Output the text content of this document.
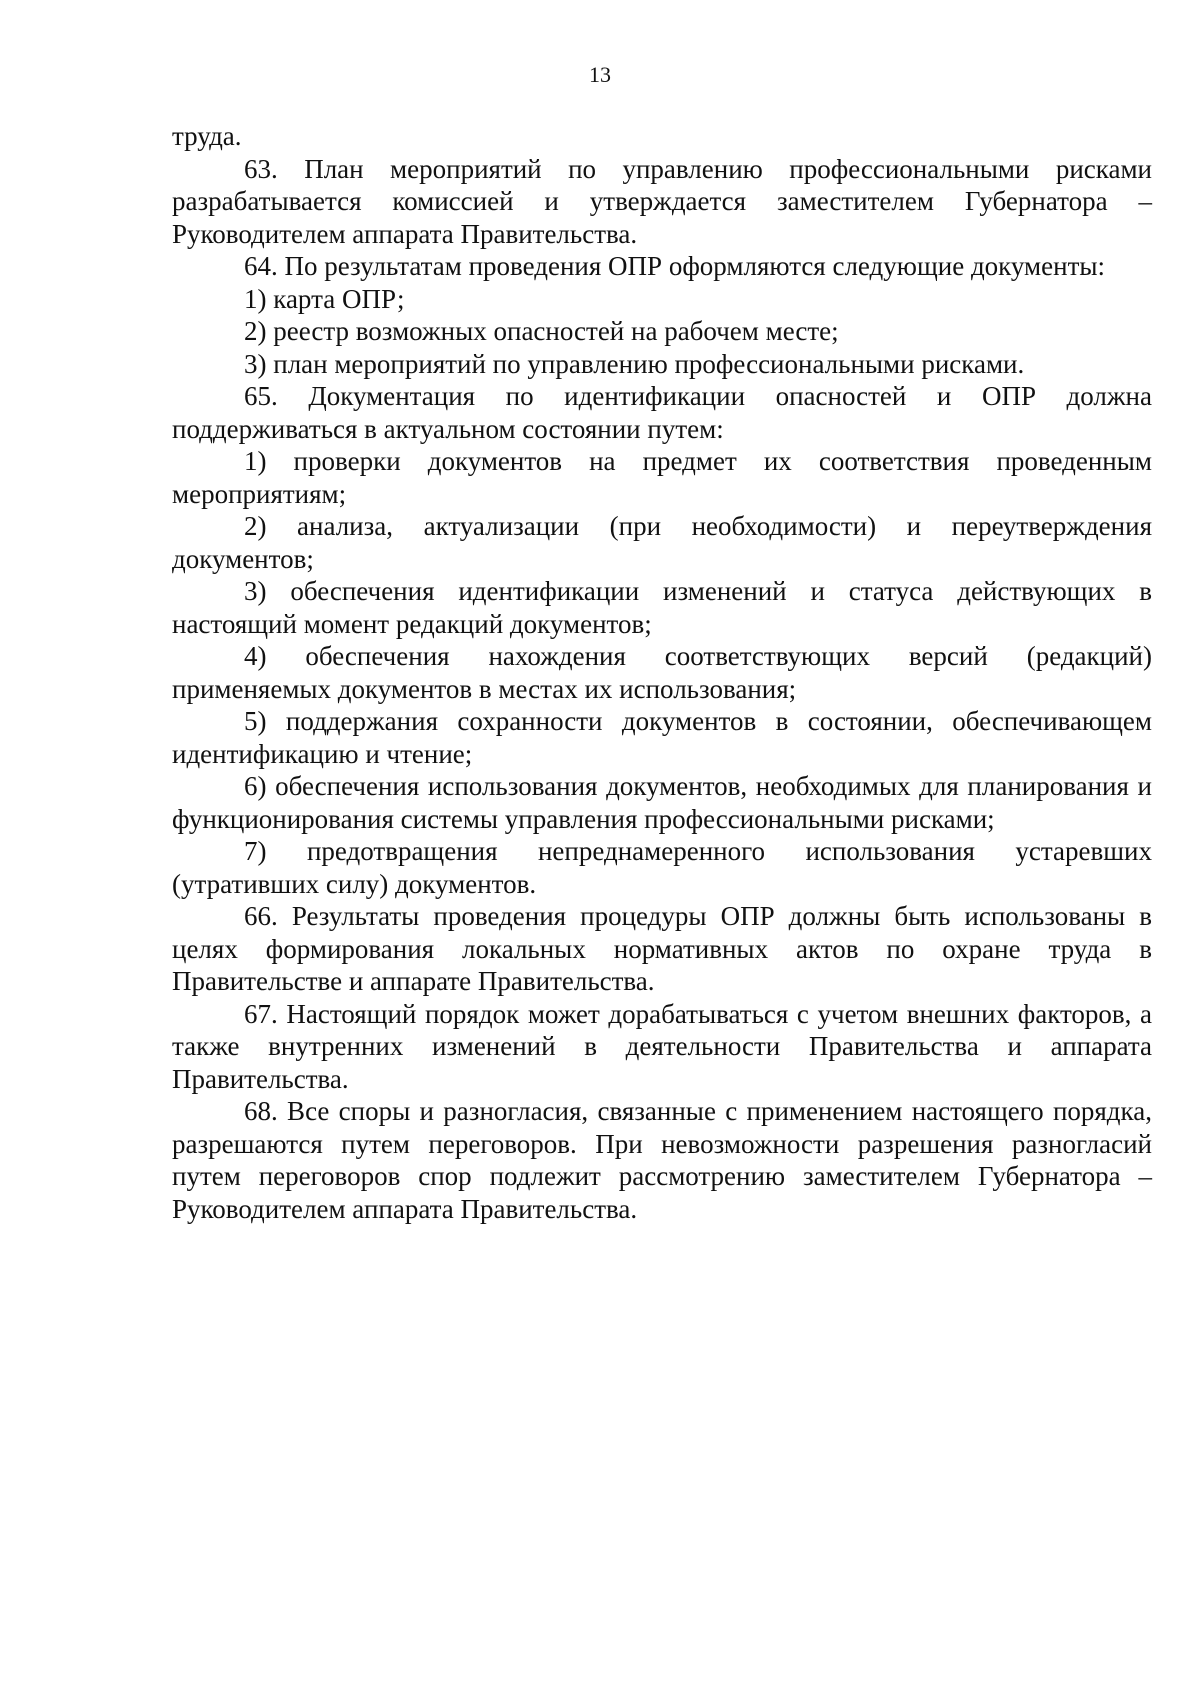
13

труда.

63. План мероприятий по управлению профессиональными рисками разрабатывается комиссией и утверждается заместителем Губернатора – Руководителем аппарата Правительства.

64. По результатам проведения ОПР оформляются следующие документы:

1) карта ОПР;

2) реестр возможных опасностей на рабочем месте;

3) план мероприятий по управлению профессиональными рисками.

65. Документация по идентификации опасностей и ОПР должна поддерживаться в актуальном состоянии путем:

1) проверки документов на предмет их соответствия проведенным мероприятиям;

2) анализа, актуализации (при необходимости) и переутверждения документов;

3) обеспечения идентификации изменений и статуса действующих в настоящий момент редакций документов;

4) обеспечения нахождения соответствующих версий (редакций) применяемых документов в местах их использования;

5) поддержания сохранности документов в состоянии, обеспечивающем идентификацию и чтение;

6) обеспечения использования документов, необходимых для планирования и функционирования системы управления профессиональными рисками;

7) предотвращения непреднамеренного использования устаревших (утративших силу) документов.

66. Результаты проведения процедуры ОПР должны быть использованы в целях формирования локальных нормативных актов по охране труда в Правительстве и аппарате Правительства.

67. Настоящий порядок может дорабатываться с учетом внешних факторов, а также внутренних изменений в деятельности Правительства и аппарата Правительства.

68. Все споры и разногласия, связанные с применением настоящего порядка, разрешаются путем переговоров. При невозможности разрешения разногласий путем переговоров спор подлежит рассмотрению заместителем Губернатора – Руководителем аппарата Правительства.
